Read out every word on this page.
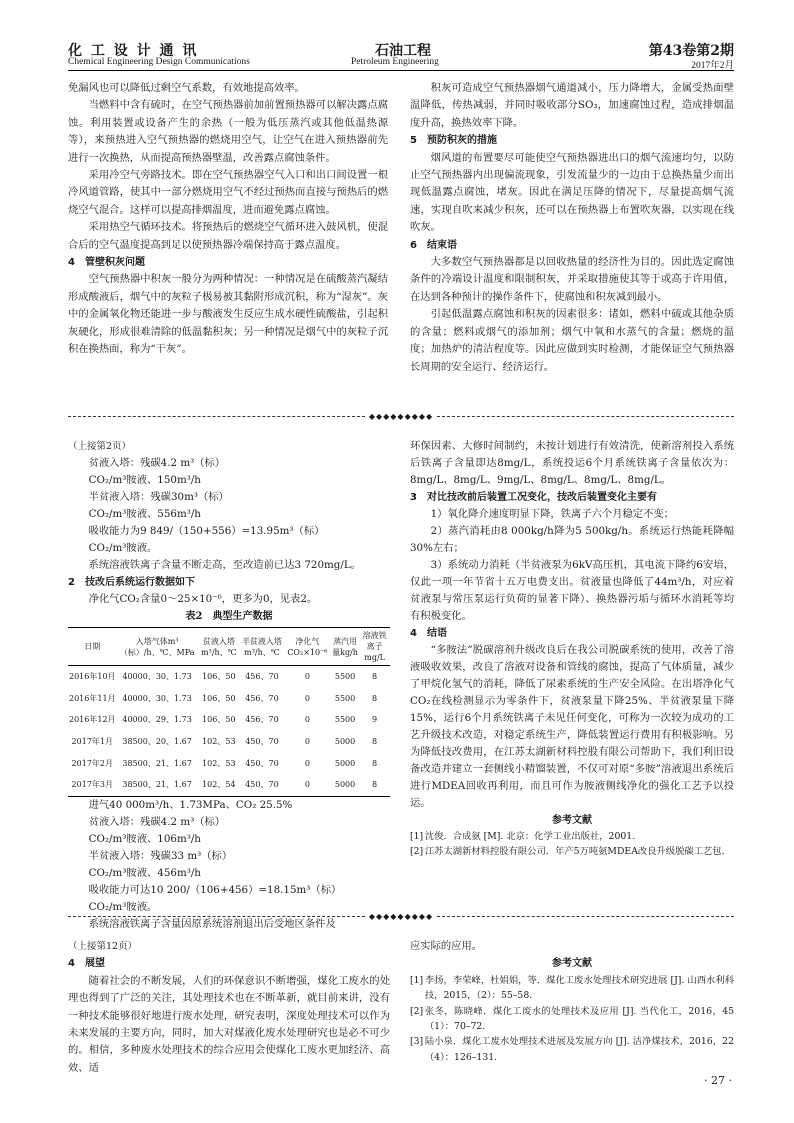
化 工 设 计 通 讯
Chemical Engineering Design Communications
石油工程
Petroleum Engineering
第43卷第2期
2017年2月

免漏风也可以降低过剩空气系数，有效地提高效率。

当燃料中含有硫时，在空气预热器前加前置预热器可以解决露点腐蚀。利用装置或设备产生的余热（一般为低压蒸汽或其他低温热源等），来预热进入空气预热器的燃烧用空气，让空气在进入预热器前先进行一次换热，从而提高预热器壁温，改善露点腐蚀条件。

采用冷空气旁路技术。即在空气预热器空气入口和出口间设置一根冷风道管路，使其中一部分燃烧用空气不经过预热而直接与预热后的燃烧空气混合。这样可以提高排烟温度，进而避免露点腐蚀。

采用热空气循环技术。将预热后的燃烧空气循环进入鼓风机，使混合后的空气温度提高到足以使预热器冷端保持高于露点温度。

4　管壁积灰问题

空气预热器中积灰一般分为两种情况：一种情况是在硫酸蒸汽凝结形成酸液后，烟气中的灰粒子极易被其黏附形成沉积，称为“湿灰”。灰中的金属氧化物还能进一步与酸液发生反应生成水硬性硫酸盐，引起积灰硬化，形成很难清除的低温黏积灰；另一种情况是烟气中的灰粒子沉积在换热面，称为“干灰”。

积灰可造成空气预热器烟气通道减小，压力降增大，金属受热面壁温降低，传热减弱，并同时吸收部分SO₃，加速腐蚀过程，造成排烟温度升高，换热效率下降。

5　预防积灰的措施

烟风道的布置要尽可能使空气预热器进出口的烟气流速均匀，以防止空气预热器内出现偏流现象，引发流量少的一边由于总换热量少而出现低温露点腐蚀，堵灰。因此在满足压降的情况下，尽量提高烟气流速，实现自吹来减少积灰，还可以在预热器上布置吹灰器，以实现在线吹灰。

6　结束语

大多数空气预热器都是以回收热量的经济性为目的。因此选定腐蚀条件的冷端设计温度和限制积灰，并采取措施使其等于或高于许用值，在达到各种预计的操作条件下，使腐蚀和积灰减到最小。

引起低温露点腐蚀和积灰的因素很多：诸如，燃料中硫或其他杂质的含量；燃料或烟气的添加剂；烟气中氧和水蒸气的含量；燃烧的温度；加热炉的清洁程度等。因此应做到实时检测，才能保证空气预热器长周期的安全运行、经济运行。

◆◆◆◆◆◆◆◆◆

（上接第2页）

贫液入塔：残碳4.2 m³（标）

CO₂/m³胺液、150m³/h

半贫液入塔：残碳30m³（标）

CO₂/m³胺液、556m³/h

吸收能力为9 849/（150+556）=13.95m³（标）

CO₂/m³胺液。

系统溶液铁离子含量不断走高，至改造前已达3 720mg/L。

2　技改后系统运行数据如下

净化气CO₂含量0～25×10⁻⁶，更多为0，见表2。

表2　典型生产数据

日期	入塔气体m³（标）/h、℃、MPa	贫液入塔m³/h、℃	半贫液入塔m³/h、℃	净化气CO₂×10⁻⁶	蒸汽用量kg/h	溶液铁离子mg/L
2016年10月	40000、30、1.73	106、50	456、70	0	5500	8
2016年11月	40000、30、1.73	106、50	456、70	0	5500	8
2016年12月	40000、29、1.73	106、50	456、70	0	5500	9
2017年1月	38500、20、1.67	102、53	450、70	0	5000	8
2017年2月	38500、21、1.67	102、53	450、70	0	5000	8
2017年3月	38500、21、1.67	102、54	450、70	0	5000	8

进气40 000m³/h、1.73MPa、CO₂ 25.5%

贫液入塔：残碳4.2 m³（标）

CO₂/m³胺液、106m³/h

半贫液入塔：残碳33 m³（标）

CO₂/m³胺液、456m³/h

吸收能力可达10 200/（106+456）=18.15m³（标）

CO₂/m³胺液。

系统溶液铁离子含量因原系统溶剂退出后受地区条件及

环保因素、大修时间制约，未按计划进行有效清洗，使新溶剂投入系统后铁离子含量即达8mg/L，系统投运6个月系统铁离子含量依次为：8mg/L、8mg/L、9mg/L、8mg/L、8mg/L、8mg/L。

3　对比技改前后装置工况变化，技改后装置变化主要有

1）氧化降介速度明显下降，铁离子六个月稳定不变；

2）蒸汽消耗由8 000kg/h降为5 500kg/h。系统运行热能耗降幅30%左右；

3）系统动力消耗（半贫液泵为6kV高压机，其电流下降约6安培，仅此一项一年节省十五万电费支出。贫液量也降低了44m³/h，对应着贫液泵与常压泵运行负荷的显著下降）、换热器污垢与循环水消耗等均有积极变化。

4　结语

“多胺法”脱碳溶剂升级改良后在我公司脱碳系统的使用，改善了溶液吸收效果，改良了溶液对设备和管线的腐蚀，提高了气体质量，减少了甲烷化氢气的消耗，降低了尿素系统的生产安全风险。在出塔净化气CO₂在线检测显示为零条件下，贫液泵量下降25%、半贫液泵量下降15%，运行6个月系统铁离子未见任何变化，可称为一次较为成功的工艺升级技术改造，对稳定系统生产，降低装置运行费用有积极影响。另为降低技改费用，在江苏太湖新材料控股有限公司帮助下，我们利旧设备改造并建立一套侧线小精馏装置，不仅可对原“多胺”溶液退出系统后进行MDEA回收再利用，而且可作为胺液侧线净化的强化工艺予以投运。

参考文献

[1] 沈俊．合成氨 [M]. 北京：化学工业出版社，2001.

[2] 江苏太湖新材料控股有限公司．年产5万吨氨MDEA改良升级脱碳工艺包．

◆◆◆◆◆◆◆◆◆

（上接第12页）

4　展望

随着社会的不断发展，人们的环保意识不断增强，煤化工废水的处理也得到了广泛的关注，其处理技术也在不断革新，就目前来讲，没有一种技术能够很好地进行废水处理，研究表明，深度处理技术可以作为未来发展的主要方向，同时，加大对煤液化废水处理研究也是必不可少的。相信，多种废水处理技术的综合应用会使煤化工废水更加经济、高效、适

应实际的应用。

参考文献

[1] 李扬，李荣峰，杜娟娟，等．煤化工废水处理技术研究进展 [J]. 山西水利科技，2015，（2）：55–58.

[2] 张冬，陈晓峰．煤化工废水的处理技术及应用 [J]. 当代化工，2016，45（1）：70–72.

[3] 陆小泉．煤化工废水处理技术进展及发展方向 [J]. 洁净煤技术，2016，22（4）：126–131.

· 27 ·
